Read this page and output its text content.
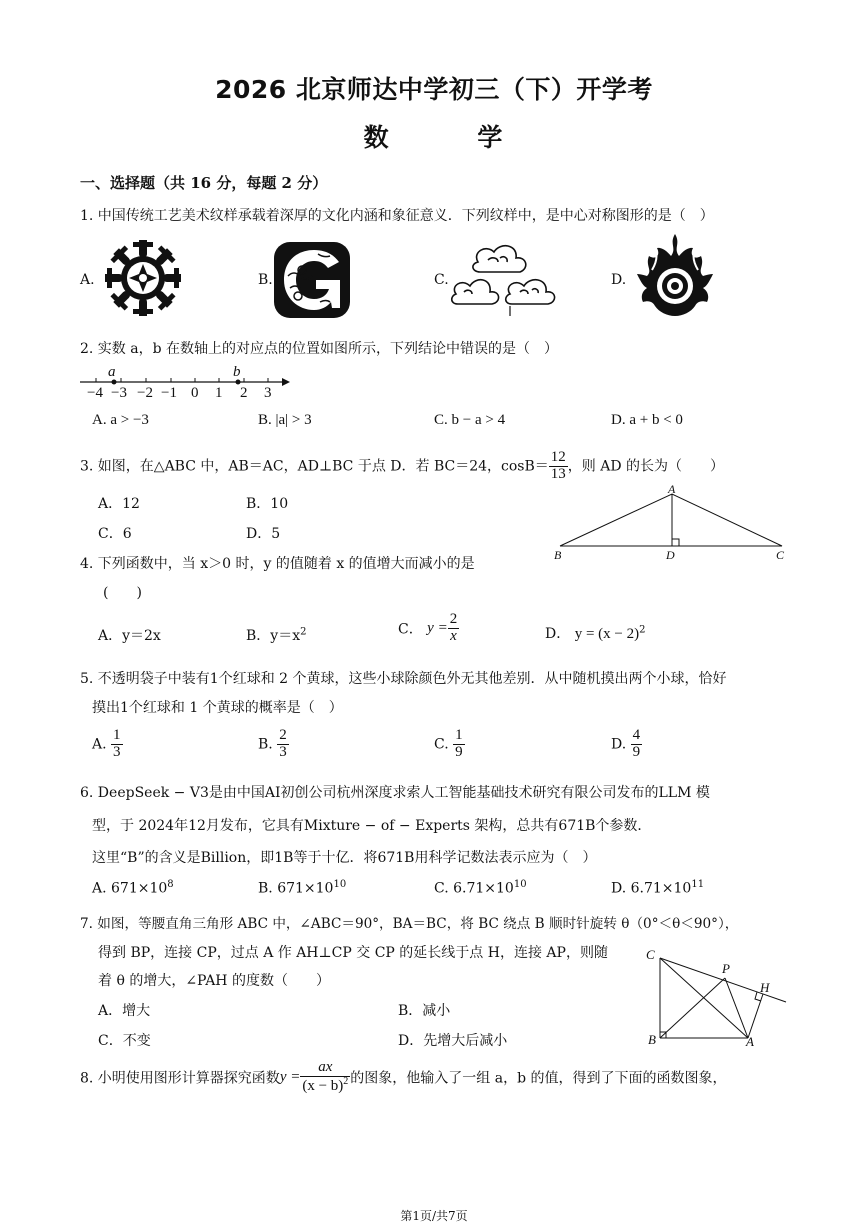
2026 北京师达中学初三（下）开学考
数 学
一、选择题（共 16 分，每题 2 分）
1. 中国传统工艺美术纹样承载着深厚的文化内涵和象征意义．下列纹样中，是中心对称图形的是（　）
A.	B.	C.	D.
2. 实数 a，b 在数轴上的对应点的位置如图所示，下列结论中错误的是（　）
a	b
−4 −3 −2 −1 0 1 2 3
A. a > −3	B. |a| > 3	C. b − a > 4	D. a + b < 0
3. 如图，在△ABC 中，AB＝AC，AD⊥BC 于点 D．若 BC＝24，$\cos B= \frac{12}{13}$ ，则 AD 的长为（　　）
A．12	B．10
C．6	D．5
A
B	C
D
4. 下列函数中，当 x＞0 时，y 的值随着 x 的值增大而减小的是
(　　)
A．y＝2x	B．$y=x^2$	C． $y = \frac{2}{x}$	D． $y = (x - 2)^2$
5. 不透明袋子中装有1个红球和 2 个黄球，这些小球除颜色外无其他差别．从中随机摸出两个小球，恰好
摸出1个红球和 1 个黄球的概率是（　）
A. $\frac{1}{3}$	B. $\frac{2}{3}$	C. $\frac{1}{9}$	D. $\frac{4}{9}$
6. DeepSeek − V3是由中国AI初创公司杭州深度求索人工智能基础技术研究有限公司发布的LLM 模
型，于 2024年12月发布，它具有Mixture − of − Experts 架构，总共有671B个参数．
这里“B”的含义是Billion，即1B等于十亿．将671B用科学记数法表示应为（　）
A. $671\times 10^8$	B. $671\times 10^{10}$	C. $6.71\times 10^{10}$	D. $6.71\times 10^{11}$
7. 如图，等腰直角三角形 ABC 中，∠ABC＝90°，BA＝BC，将 BC 绕点 B 顺时针旋转 θ（0°＜θ＜90°），
得到 BP，连接 CP，过点 A 作 AH⊥CP 交 CP 的延长线于点 H，连接 AP，则随
着 θ 的增大，∠PAH 的度数（　　）
A．增大	B．减小
C．不变	D．先增大后减小
C
P
H
B	A
8. 小明使用图形计算器探究函数$y = \frac{ax}{(x - b)^2}$ 的图象，他输入了一组 a，b 的值，得到了下面的函数图象，
第1页/共7页
